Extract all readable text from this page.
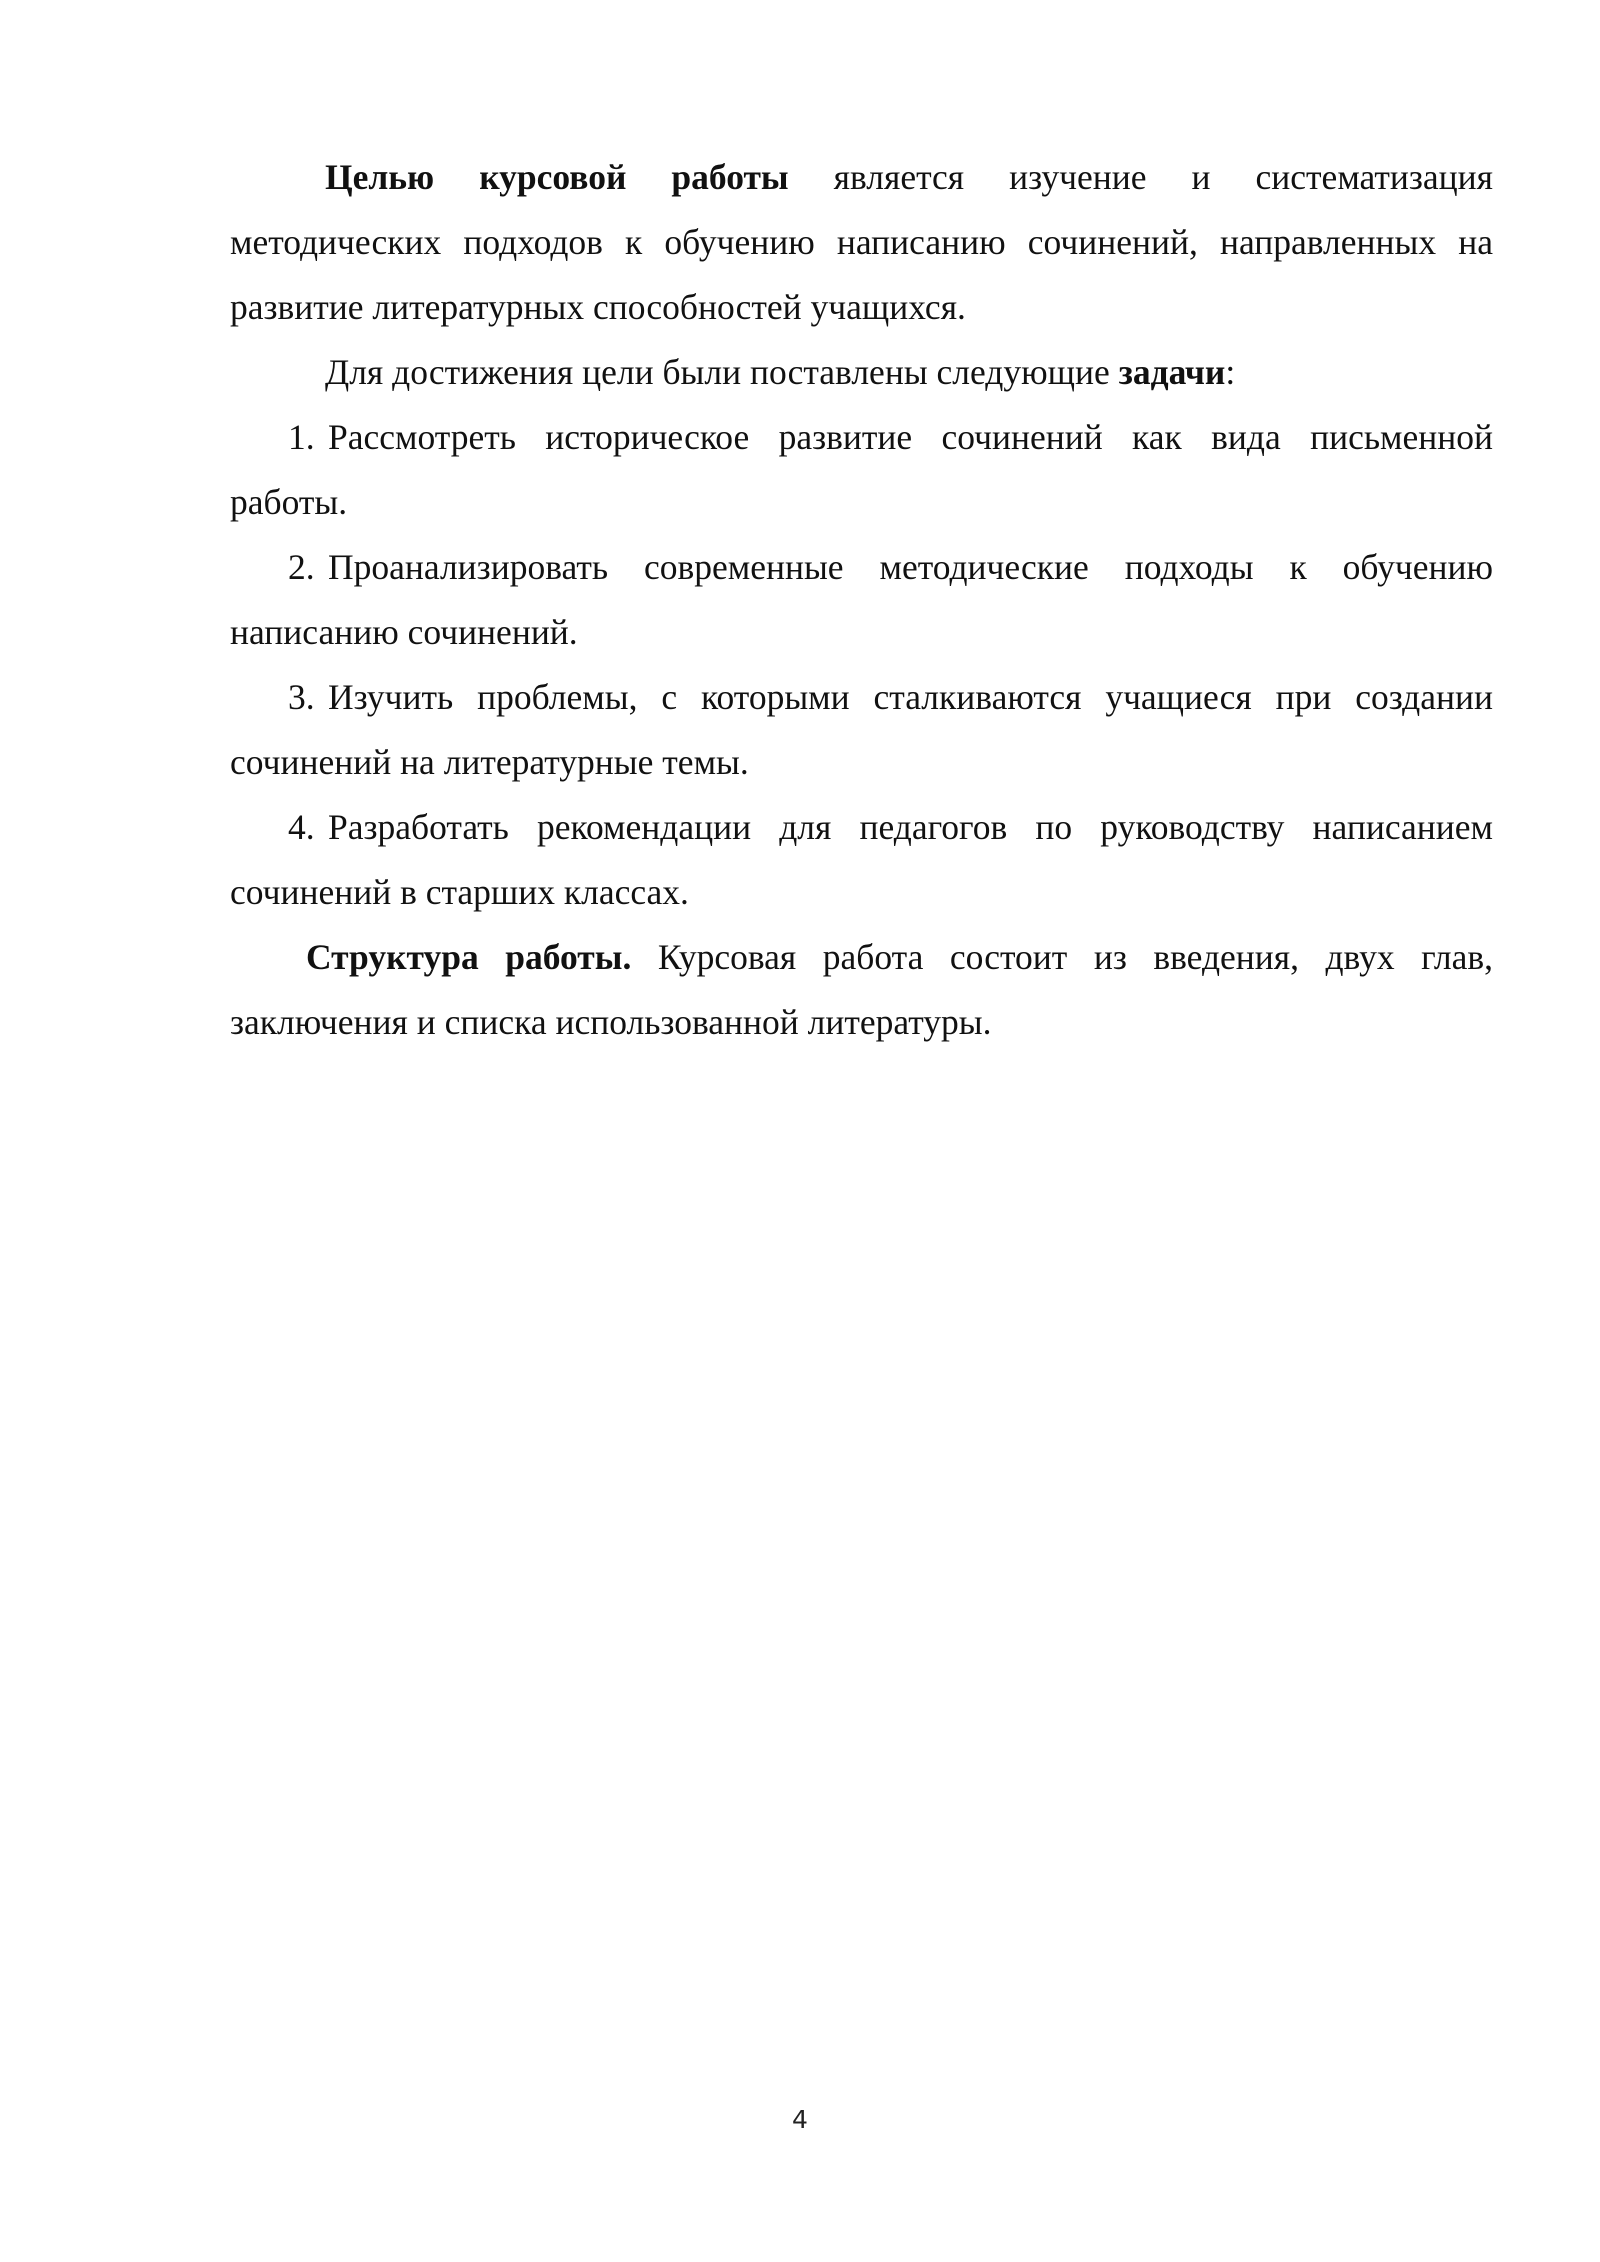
Целью курсовой работы является изучение и систематизация методических подходов к обучению написанию сочинений, направленных на развитие литературных способностей учащихся.

Для достижения цели были поставлены следующие задачи:

1. Рассмотреть историческое развитие сочинений как вида письменной работы.

2. Проанализировать современные методические подходы к обучению написанию сочинений.

3. Изучить проблемы, с которыми сталкиваются учащиеся при создании сочинений на литературные темы.

4. Разработать рекомендации для педагогов по руководству написанием сочинений в старших классах.

Структура работы. Курсовая работа состоит из введения, двух глав, заключения и списка использованной литературы.

4
